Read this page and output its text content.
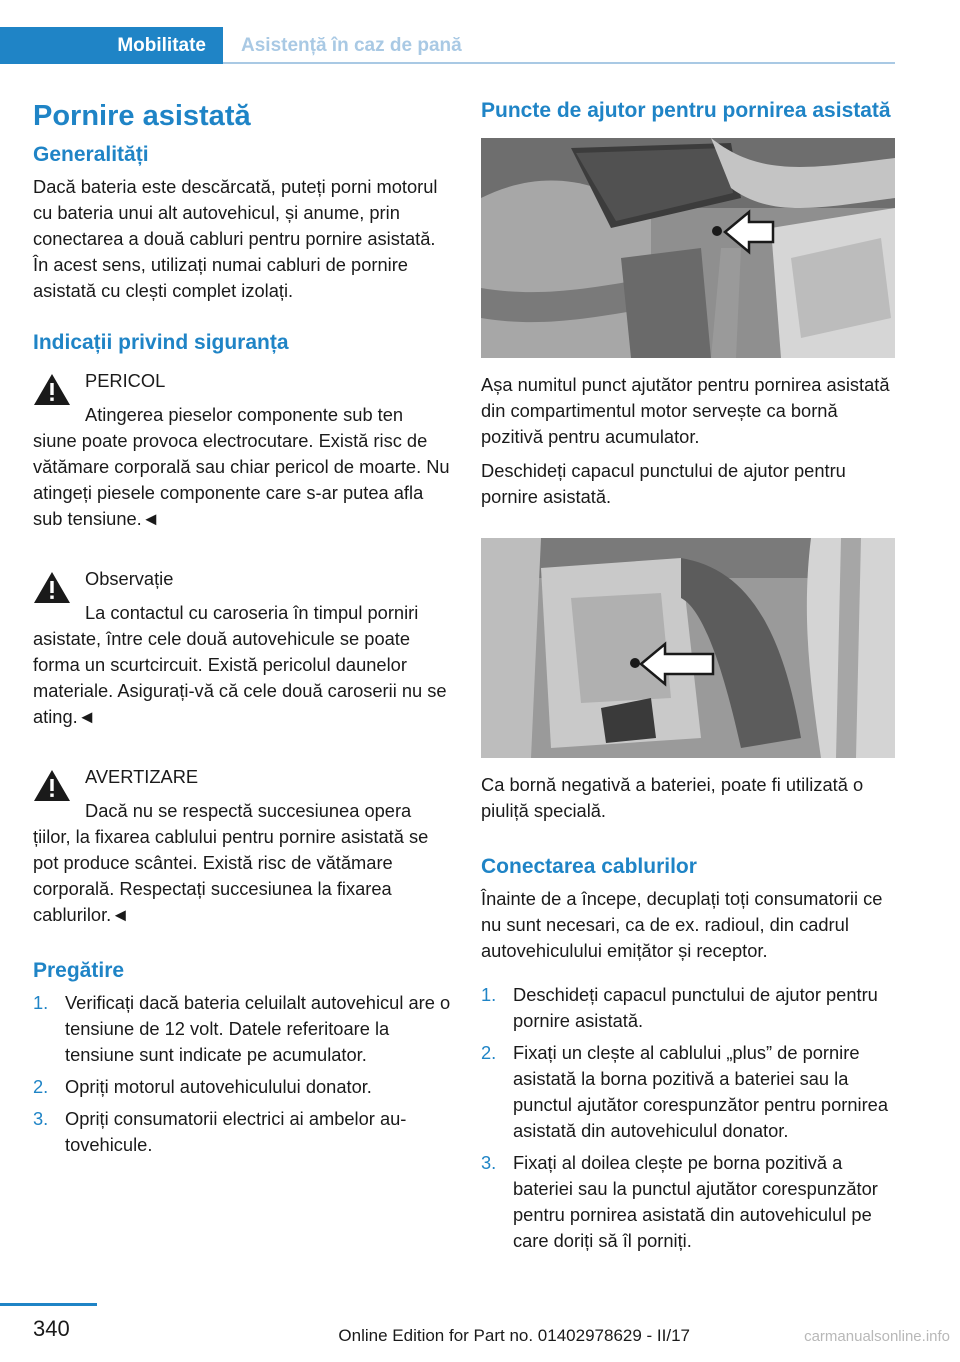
Mobilitate Asistență în caz de pană
Pornire asistată
Generalități

Dacă bateria este descărcată, puteți porni motorul cu bateria unui alt autovehicul, și anume, prin conectarea a două cabluri pentru pornire asistată. În acest sens, utilizați numai cabluri de pornire asistată cu clești complet izolați.

Indicații privind siguranța
PERICOL
Atingerea pieselor componente sub ten
siune poate provoca electrocutare. Există risc de vătămare corporală sau chiar pericol de moarte. Nu atingeți piesele componente care s-ar putea afla sub tensiune.◄
Observație
La contactul cu caroseria în timpul porniri
asistate, între cele două autovehicule se poate forma un scurtcircuit. Există pericolul daunelor materiale. Asigurați-vă că cele două caroserii nu se ating.◄
AVERTIZARE
Dacă nu se respectă succesiunea opera
țiilor, la fixarea cablului pentru pornire asistată se pot produce scântei. Există risc de vătămare corporală. Respectați succesiunea la fixarea cablurilor.◄
Pregătire
1. Verificați dacă bateria celuilalt autovehicul are o tensiune de 12 volt. Datele referitoare la tensiune sunt indicate pe acumulator.
2. Opriți motorul autovehiculului donator.
3. Opriți consumatorii electrici ai ambelor autovehicule.
Puncte de ajutor pentru pornirea asistată

Așa numitul punct ajutător pentru pornirea asistată din compartimentul motor servește ca bornă pozitivă pentru acumulator.

Deschideți capacul punctului de ajutor pentru pornire asistată.

Ca bornă negativă a bateriei, poate fi utilizată o piuliță specială.

Conectarea cablurilor

Înainte de a începe, decuplați toți consumatorii ce nu sunt necesari, ca de ex. radioul, din cadrul autovehiculului emițător și receptor.

1. Deschideți capacul punctului de ajutor pentru pornire asistată.
2. Fixați un clește al cablului „plus” de pornire asistată la borna pozitivă a bateriei sau la punctul ajutător corespunzător pentru pornirea asistată din autovehiculul donator.
3. Fixați al doilea clește pe borna pozitivă a bateriei sau la punctul ajutător corespunzător pentru pornirea asistată din autovehiculul pe care doriți să îl porniți.
340	Online Edition for Part no. 01402978629 - II/17	carmanualsonline.info
